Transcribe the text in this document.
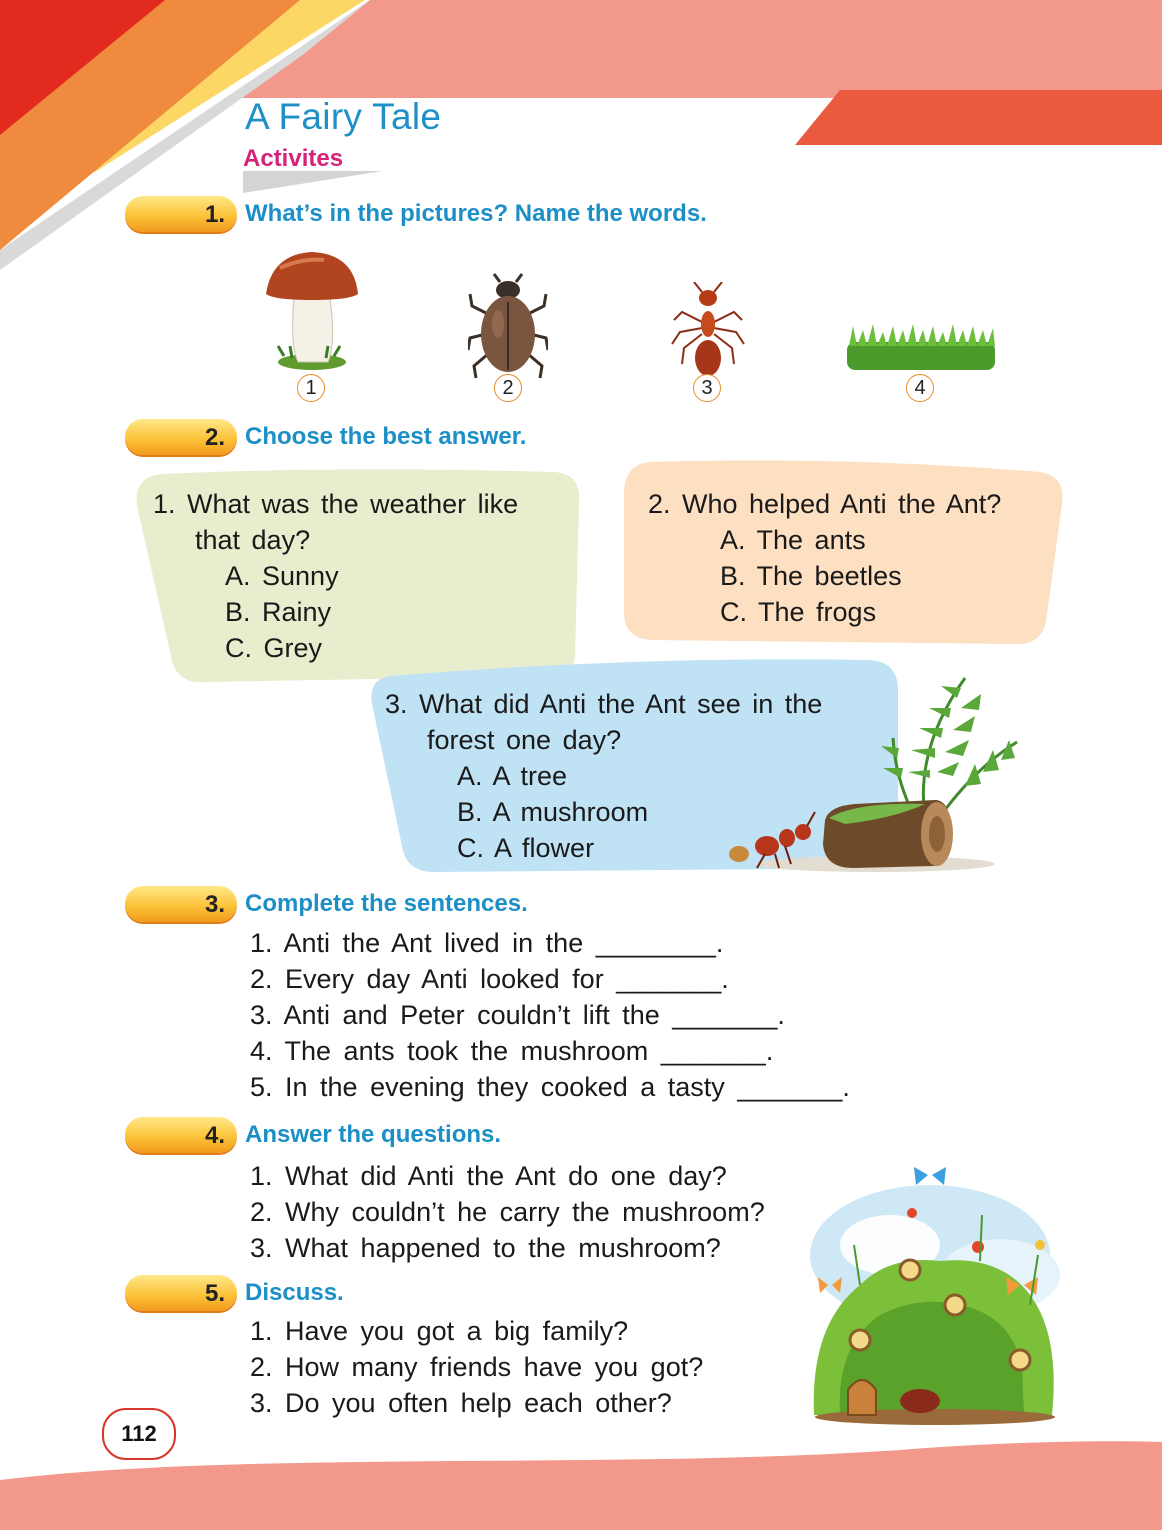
A Fairy Tale
Activites
1. What’s in the pictures? Name the words.
1	2	3	4
2. Choose the best answer.
1. What was the weather like
that day?
A. Sunny
B. Rainy
C. Grey
2. Who helped Anti the Ant?
A. The ants
B. The beetles
C. The frogs
3. What did Anti the Ant see in the
forest one day?
A. A tree
B. A mushroom
C. A flower
3. Complete the sentences.
1. Anti the Ant lived in the ________.
2. Every day Anti looked for _______.
3. Anti and Peter couldn’t lift the _______.
4. The ants took the mushroom _______.
5. In the evening they cooked a tasty _______.
4. Answer the questions.
1. What did Anti the Ant do one day?
2. Why couldn’t he carry the mushroom?
3. What happened to the mushroom?
5. Discuss.
1. Have you got a big family?
2. How many friends have you got?
3. Do you often help each other?
112
